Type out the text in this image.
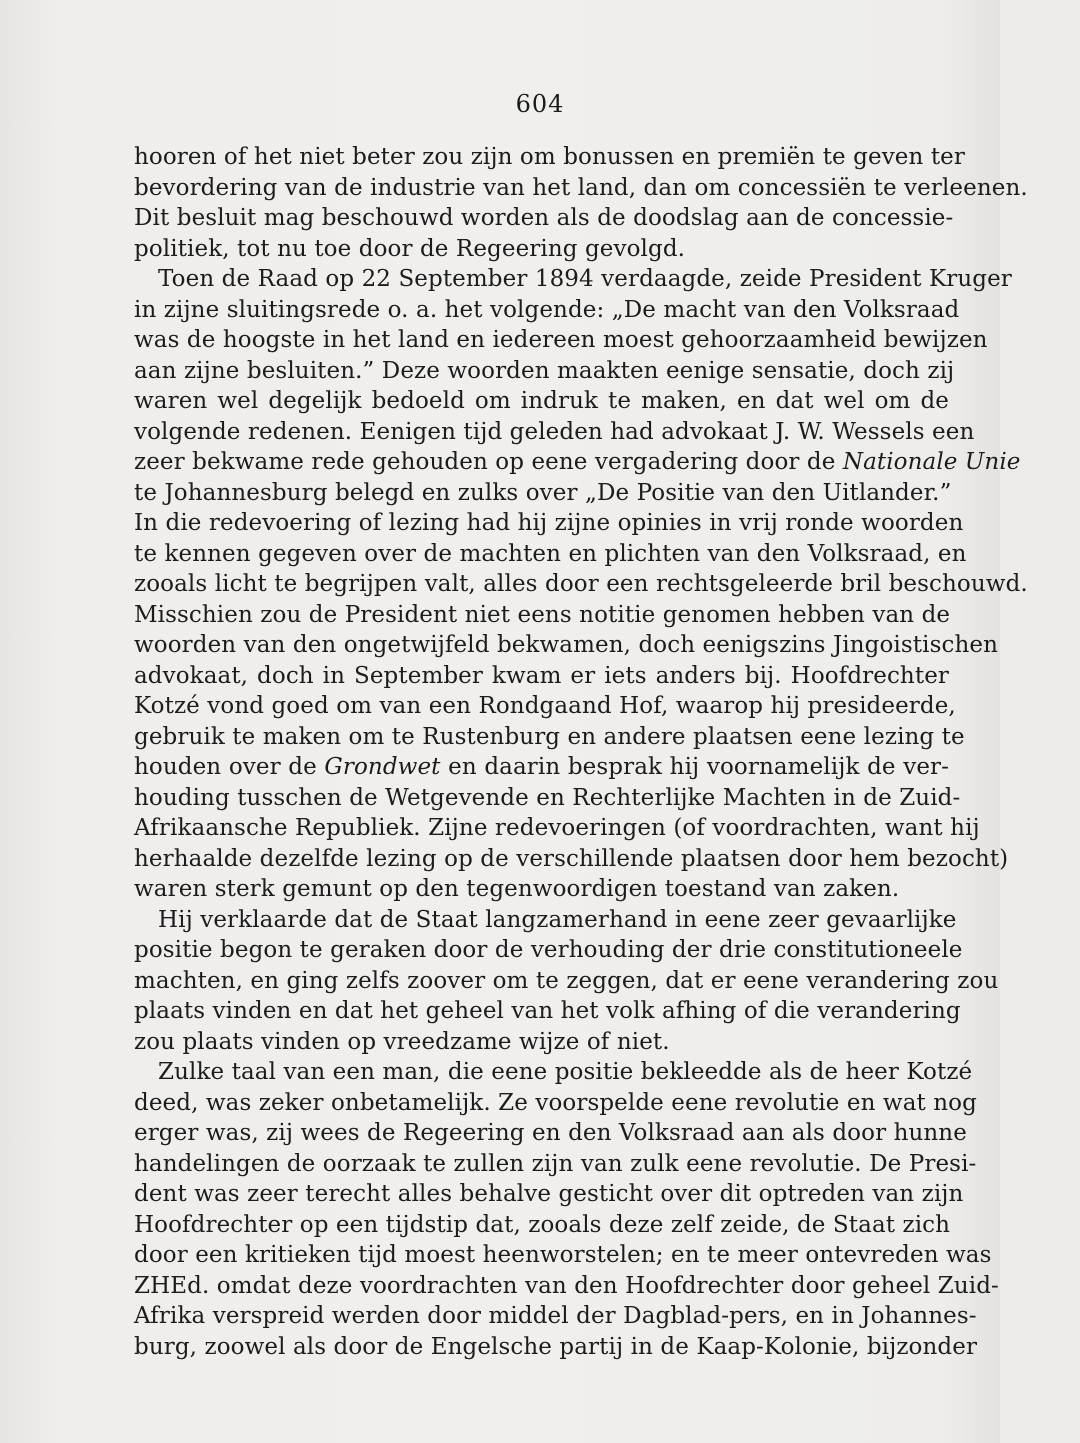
604
hooren of het niet beter zou zijn om bonussen en premiën te geven ter
bevordering van de industrie van het land, dan om concessiën te verleenen.
Dit besluit mag beschouwd worden als de doodslag aan de concessie-
politiek, tot nu toe door de Regeering gevolgd.
Toen de Raad op 22 September 1894 verdaagde, zeide President Kruger
in zijne sluitingsrede o. a. het volgende: „De macht van den Volksraad
was de hoogste in het land en iedereen moest gehoorzaamheid bewijzen
aan zijne besluiten.” Deze woorden maakten eenige sensatie, doch zij
waren wel degelijk bedoeld om indruk te maken, en dat wel om de
volgende redenen. Eenigen tijd geleden had advokaat J. W. Wessels een
zeer bekwame rede gehouden op eene vergadering door de Nationale Unie
te Johannesburg belegd en zulks over „De Positie van den Uitlander.”
In die redevoering of lezing had hij zijne opinies in vrij ronde woorden
te kennen gegeven over de machten en plichten van den Volksraad, en
zooals licht te begrijpen valt, alles door een rechtsgeleerde bril beschouwd.
Misschien zou de President niet eens notitie genomen hebben van de
woorden van den ongetwijfeld bekwamen, doch eenigszins Jingoistischen
advokaat, doch in September kwam er iets anders bij. Hoofdrechter
Kotzé vond goed om van een Rondgaand Hof, waarop hij presideerde,
gebruik te maken om te Rustenburg en andere plaatsen eene lezing te
houden over de Grondwet en daarin besprak hij voornamelijk de ver-
houding tusschen de Wetgevende en Rechterlijke Machten in de Zuid-
Afrikaansche Republiek. Zijne redevoeringen (of voordrachten, want hij
herhaalde dezelfde lezing op de verschillende plaatsen door hem bezocht)
waren sterk gemunt op den tegenwoordigen toestand van zaken.
Hij verklaarde dat de Staat langzamerhand in eene zeer gevaarlijke
positie begon te geraken door de verhouding der drie constitutioneele
machten, en ging zelfs zoover om te zeggen, dat er eene verandering zou
plaats vinden en dat het geheel van het volk afhing of die verandering
zou plaats vinden op vreedzame wijze of niet.
Zulke taal van een man, die eene positie bekleedde als de heer Kotzé
deed, was zeker onbetamelijk. Ze voorspelde eene revolutie en wat nog
erger was, zij wees de Regeering en den Volksraad aan als door hunne
handelingen de oorzaak te zullen zijn van zulk eene revolutie. De Presi-
dent was zeer terecht alles behalve gesticht over dit optreden van zijn
Hoofdrechter op een tijdstip dat, zooals deze zelf zeide, de Staat zich
door een kritieken tijd moest heenworstelen; en te meer ontevreden was
ZHEd. omdat deze voordrachten van den Hoofdrechter door geheel Zuid-
Afrika verspreid werden door middel der Dagblad-pers, en in Johannes-
burg, zoowel als door de Engelsche partij in de Kaap-Kolonie, bijzonder
